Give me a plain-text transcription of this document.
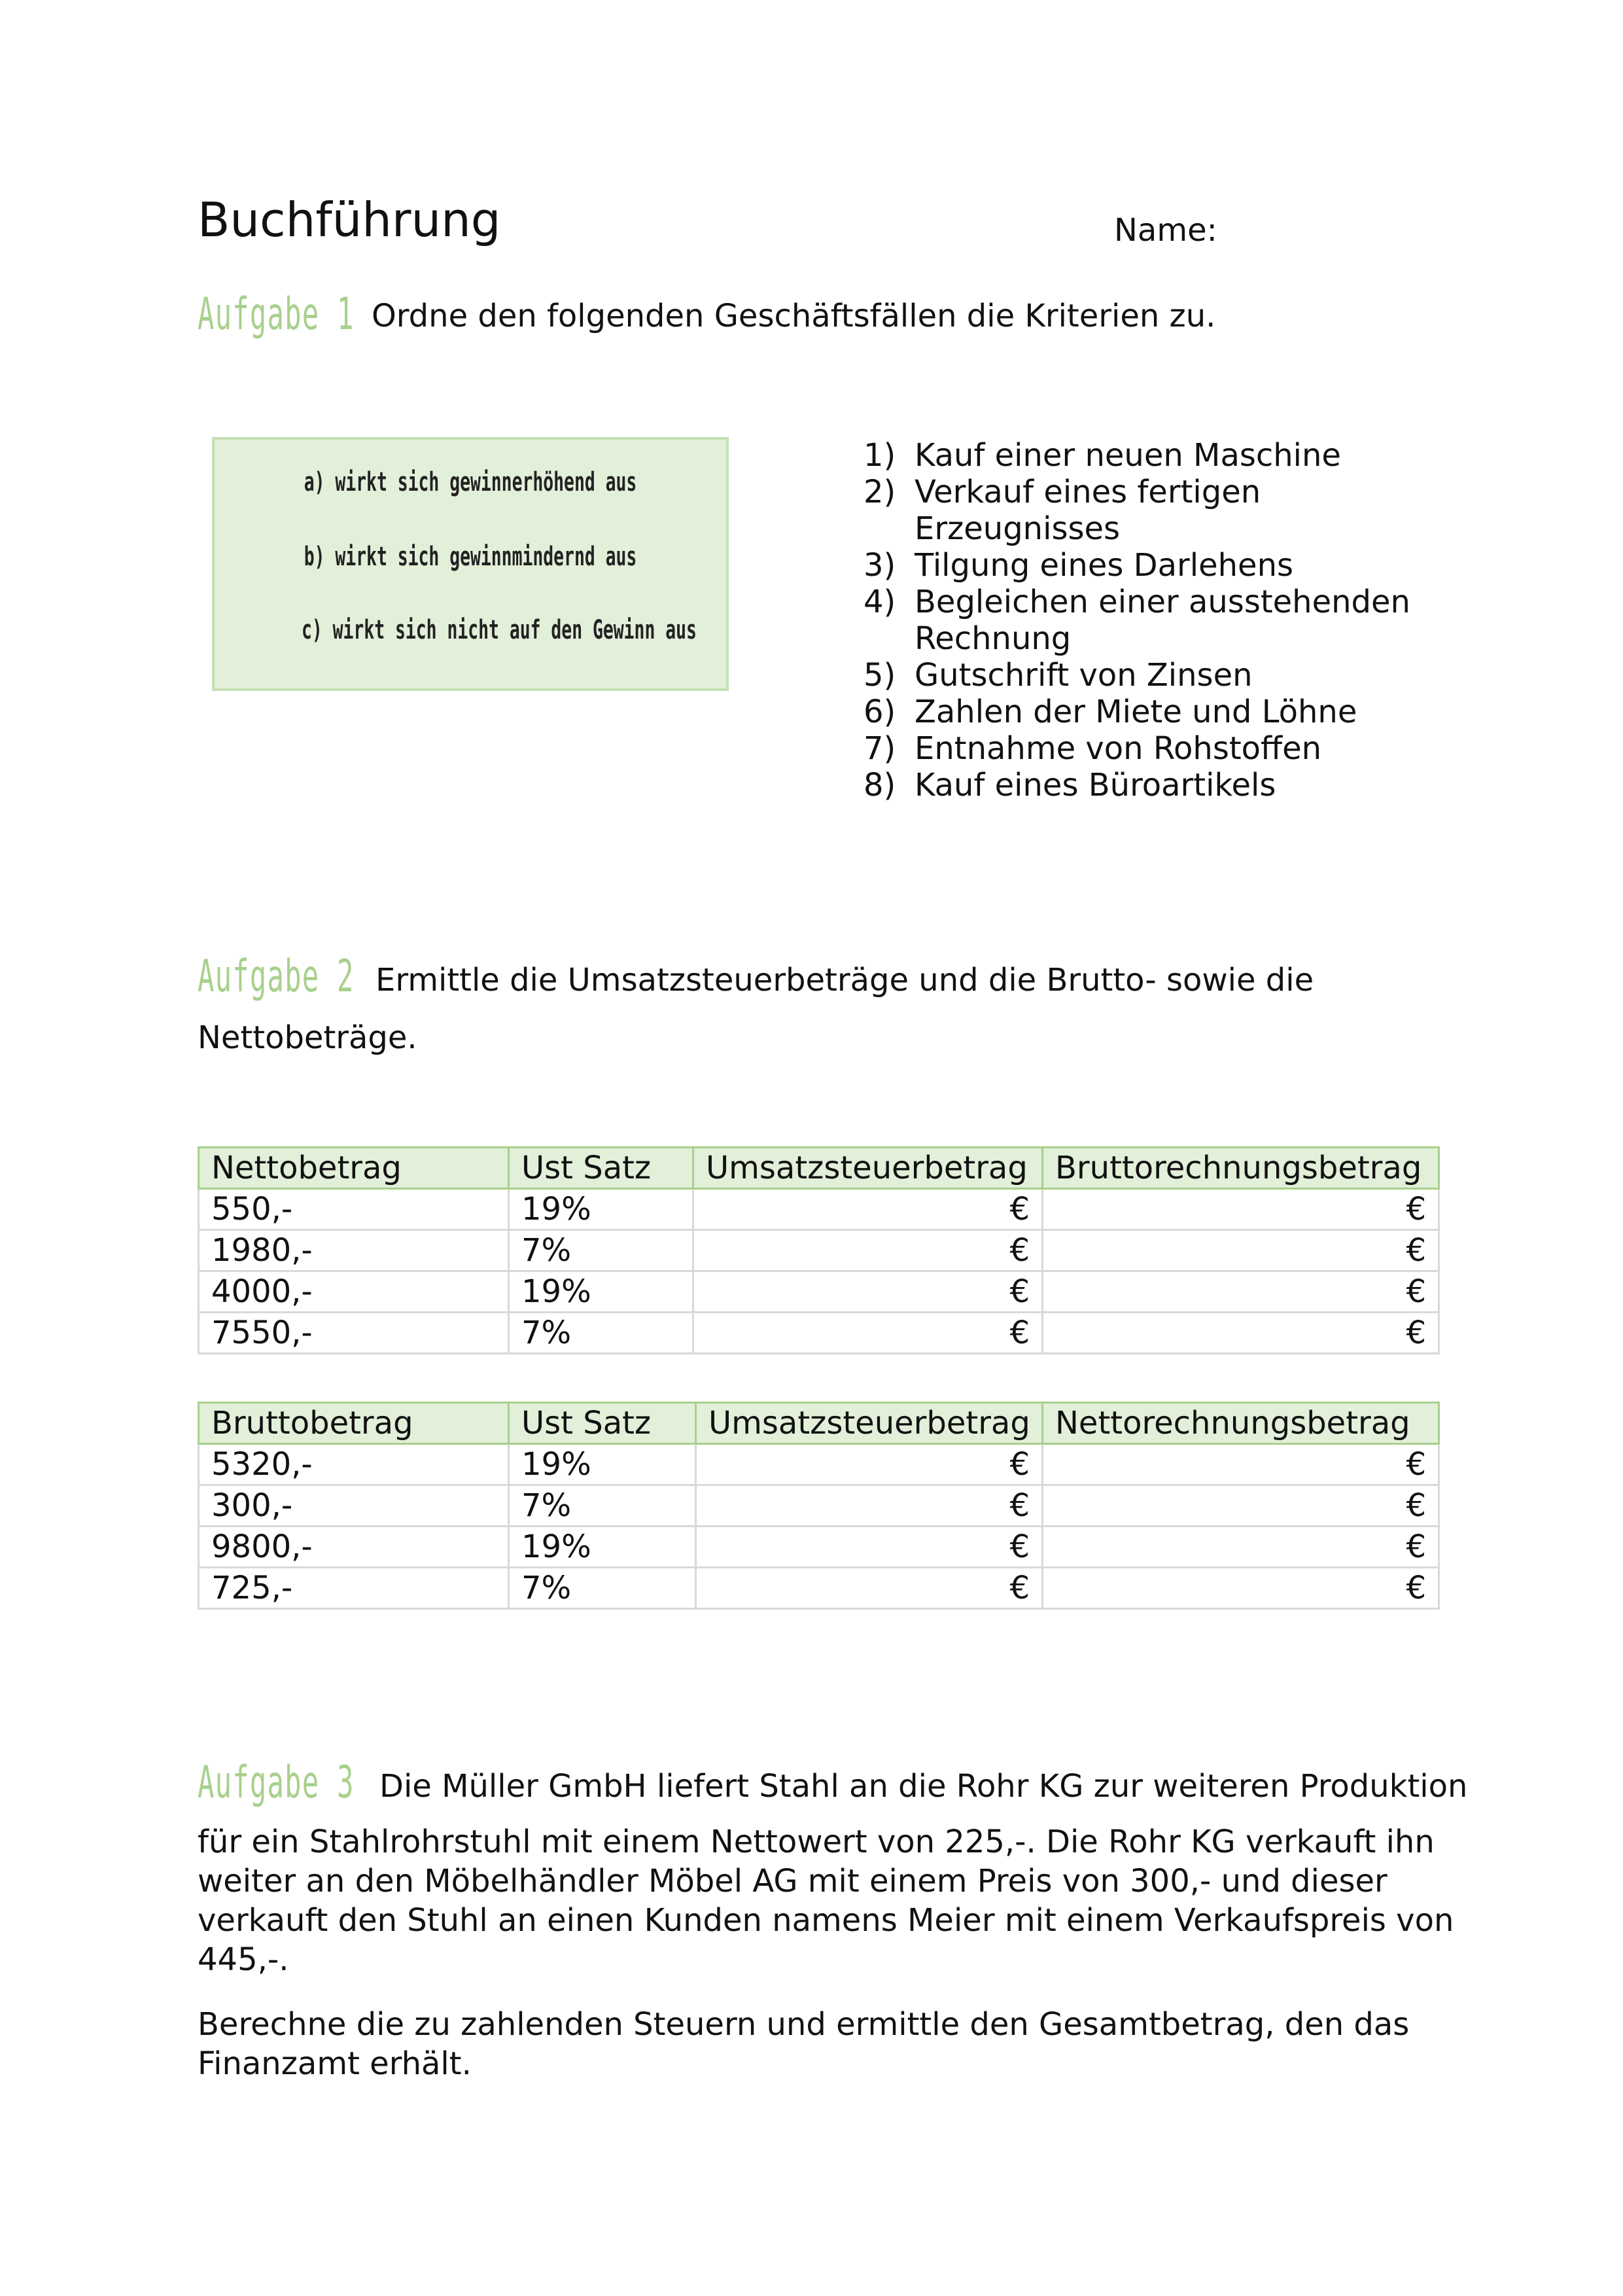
Buchführung	Name:
Aufgabe 1 Ordne den folgenden Geschäftsfällen die Kriterien zu.
a) wirkt sich gewinnerhöhend aus
b) wirkt sich gewinnmindernd aus
c) wirkt sich nicht auf den Gewinn aus
1) Kauf einer neuen Maschine
2) Verkauf eines fertigen Erzeugnisses
3) Tilgung eines Darlehens
4) Begleichen einer ausstehenden Rechnung
5) Gutschrift von Zinsen
6) Zahlen der Miete und Löhne
7) Entnahme von Rohstoffen
8) Kauf eines Büroartikels
Aufgabe 2 Ermittle die Umsatzsteuerbeträge und die Brutto- sowie die
Nettobeträge.
Nettobetrag	Ust Satz	Umsatzsteuerbetrag	Bruttorechnungsbetrag
550,-	19%	€	€
1980,-	7%	€	€
4000,-	19%	€	€
7550,-	7%	€	€
Bruttobetrag	Ust Satz	Umsatzsteuerbetrag	Nettorechnungsbetrag
5320,-	19%	€	€
300,-	7%	€	€
9800,-	19%	€	€
725,-	7%	€	€
Aufgabe 3 Die Müller GmbH liefert Stahl an die Rohr KG zur weiteren Produktion
für ein Stahlrohrstuhl mit einem Nettowert von 225,-. Die Rohr KG verkauft ihn weiter an den Möbelhändler Möbel AG mit einem Preis von 300,- und dieser verkauft den Stuhl an einen Kunden namens Meier mit einem Verkaufspreis von 445,-.
Berechne die zu zahlenden Steuern und ermittle den Gesamtbetrag, den das Finanzamt erhält.
